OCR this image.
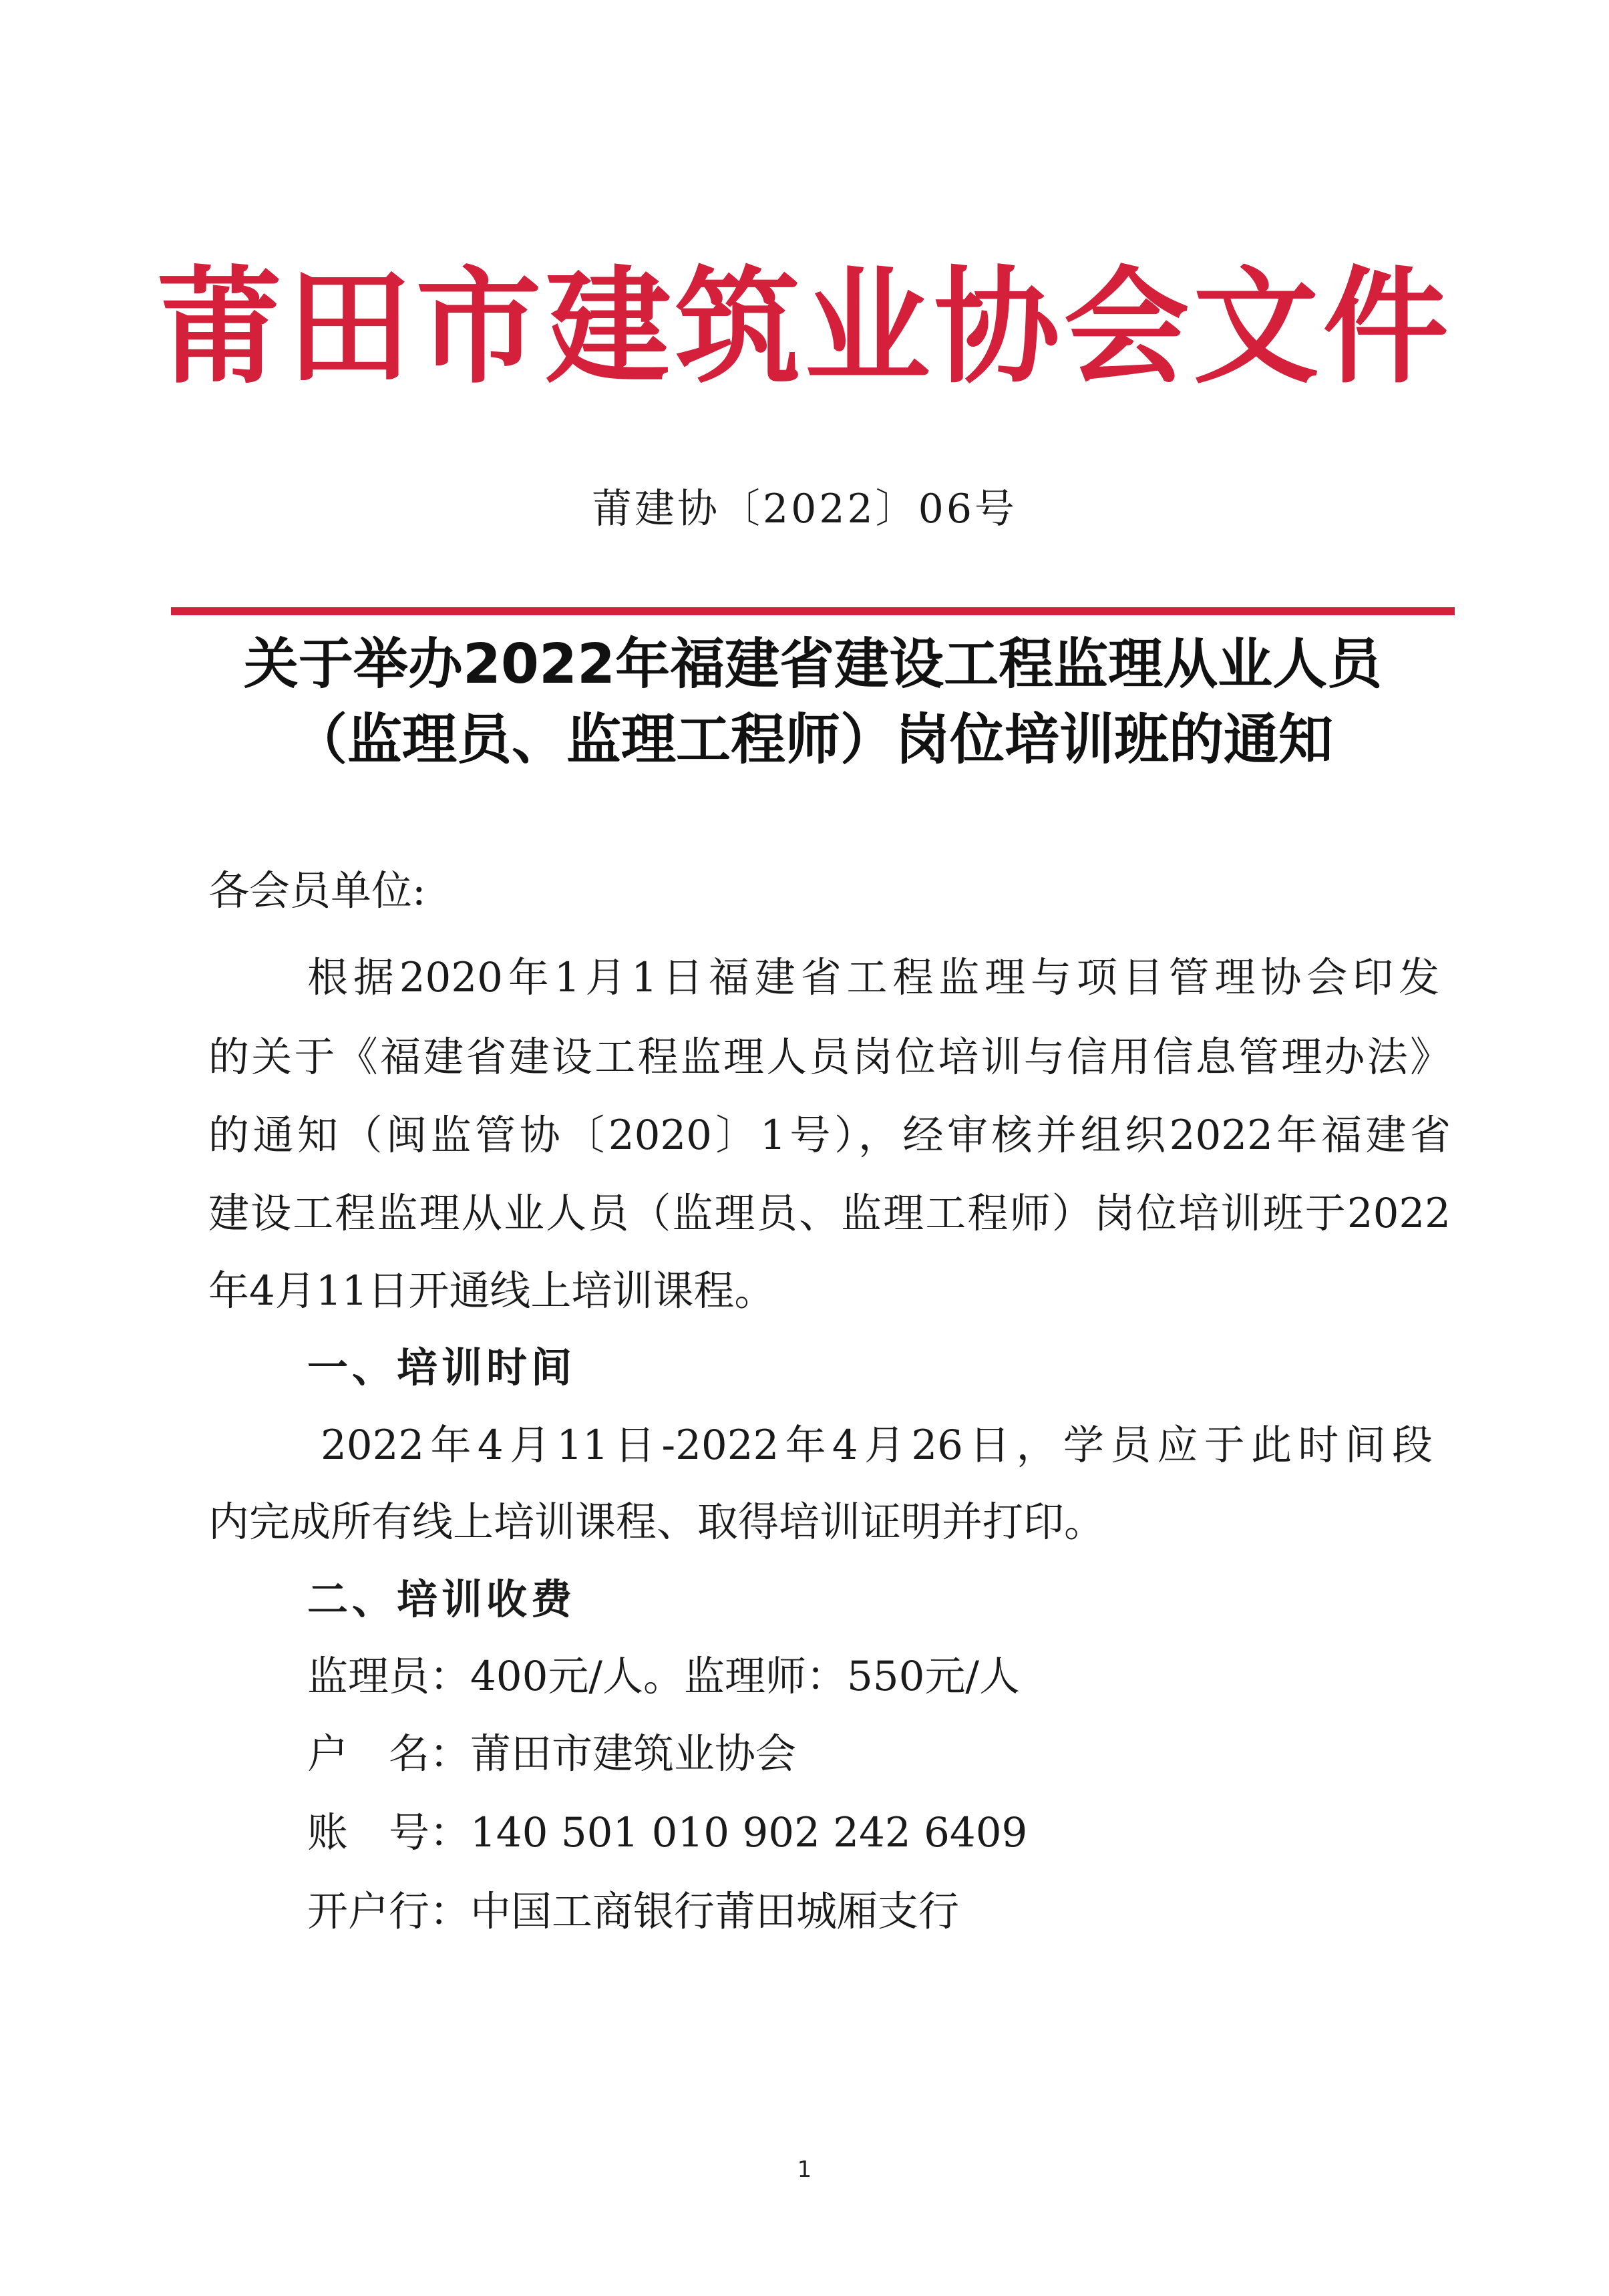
莆田市建筑业协会文件
莆建协〔2022〕06号
关于举办2022年福建省建设工程监理从业人员
（监理员、监理工程师）岗位培训班的通知
各会员单位:
根据2020年1月1日福建省工程监理与项目管理协会印发
的关于《福建省建设工程监理人员岗位培训与信用信息管理办法》
的通知（闽监管协〔2020〕1号），经审核并组织2022年福建省
建设工程监理从业人员（监理员、监理工程师）岗位培训班于2022
年4月11日开通线上培训课程。
一、培训时间
2022年4月11日-2022年4月26日，学员应于此时间段
内完成所有线上培训课程、取得培训证明并打印。
二、培训收费
监理员：400元/人。监理师：550元/人
户　名：莆田市建筑业协会
账　号：140 501 010 902 242 6409
开户行：中国工商银行莆田城厢支行
1
